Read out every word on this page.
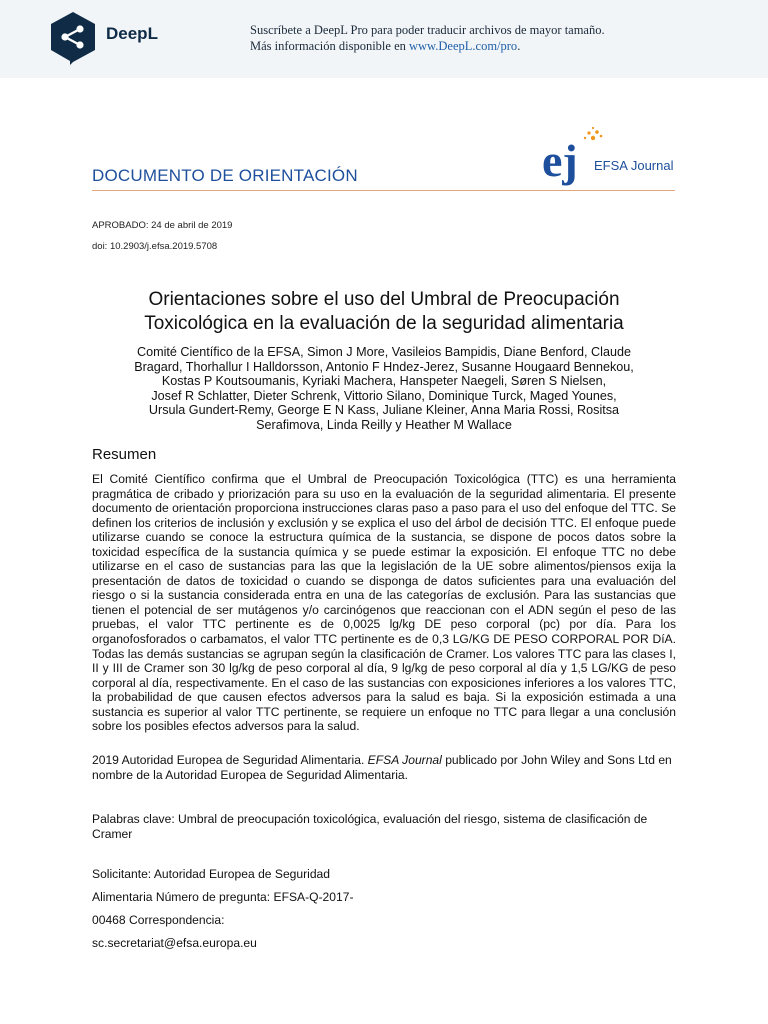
DeepL	Suscríbete a DeepL Pro para poder traducir archivos de mayor tamaño.
Más información disponible en www.DeepL.com/pro.
DOCUMENTO DE ORIENTACIÓN	ej EFSA Journal
APROBADO: 24 de abril de 2019
doi: 10.2903/j.efsa.2019.5708
Orientaciones sobre el uso del Umbral de Preocupación
Toxicológica en la evaluación de la seguridad alimentaria
Comité Científico de la EFSA, Simon J More, Vasileios Bampidis, Diane Benford, Claude
Bragard, Thorhallur I Halldorsson, Antonio F Hndez-Jerez, Susanne Hougaard Bennekou,
Kostas P Koutsoumanis, Kyriaki Machera, Hanspeter Naegeli, Søren S Nielsen,
Josef R Schlatter, Dieter Schrenk, Vittorio Silano, Dominique Turck, Maged Younes,
Ursula Gundert-Remy, George E N Kass, Juliane Kleiner, Anna Maria Rossi, Rositsa
Serafimova, Linda Reilly y Heather M Wallace
Resumen
El Comité Científico confirma que el Umbral de Preocupación Toxicológica (TTC) es una herramienta pragmática de cribado y priorización para su uso en la evaluación de la seguridad alimentaria. El presente documento de orientación proporciona instrucciones claras paso a paso para el uso del enfoque del TTC. Se definen los criterios de inclusión y exclusión y se explica el uso del árbol de decisión TTC. El enfoque puede utilizarse cuando se conoce la estructura química de la sustancia, se dispone de pocos datos sobre la toxicidad específica de la sustancia química y se puede estimar la exposición. El enfoque TTC no debe utilizarse en el caso de sustancias para las que la legislación de la UE sobre alimentos/piensos exija la presentación de datos de toxicidad o cuando se disponga de datos suficientes para una evaluación del riesgo o si la sustancia considerada entra en una de las categorías de exclusión. Para las sustancias que tienen el potencial de ser mutágenos y/o carcinógenos que reaccionan con el ADN según el peso de las pruebas, el valor TTC pertinente es de 0,0025 lg/kg DE peso corporal (pc) por día. Para los organofosforados o carbamatos, el valor TTC pertinente es de 0,3 LG/KG DE PESO CORPORAL POR DíA. Todas las demás sustancias se agrupan según la clasificación de Cramer. Los valores TTC para las clases I, II y III de Cramer son 30 lg/kg de peso corporal al día, 9 lg/kg de peso corporal al día y 1,5 LG/KG de peso corporal al día, respectivamente. En el caso de las sustancias con exposiciones inferiores a los valores TTC, la probabilidad de que causen efectos adversos para la salud es baja. Si la exposición estimada a una sustancia es superior al valor TTC pertinente, se requiere un enfoque no TTC para llegar a una conclusión sobre los posibles efectos adversos para la salud.
2019 Autoridad Europea de Seguridad Alimentaria. EFSA Journal publicado por John Wiley and Sons Ltd en nombre de la Autoridad Europea de Seguridad Alimentaria.
Palabras clave: Umbral de preocupación toxicológica, evaluación del riesgo, sistema de clasificación de Cramer
Solicitante: Autoridad Europea de Seguridad
Alimentaria Número de pregunta: EFSA-Q-2017-
00468 Correspondencia:
sc.secretariat@efsa.europa.eu
